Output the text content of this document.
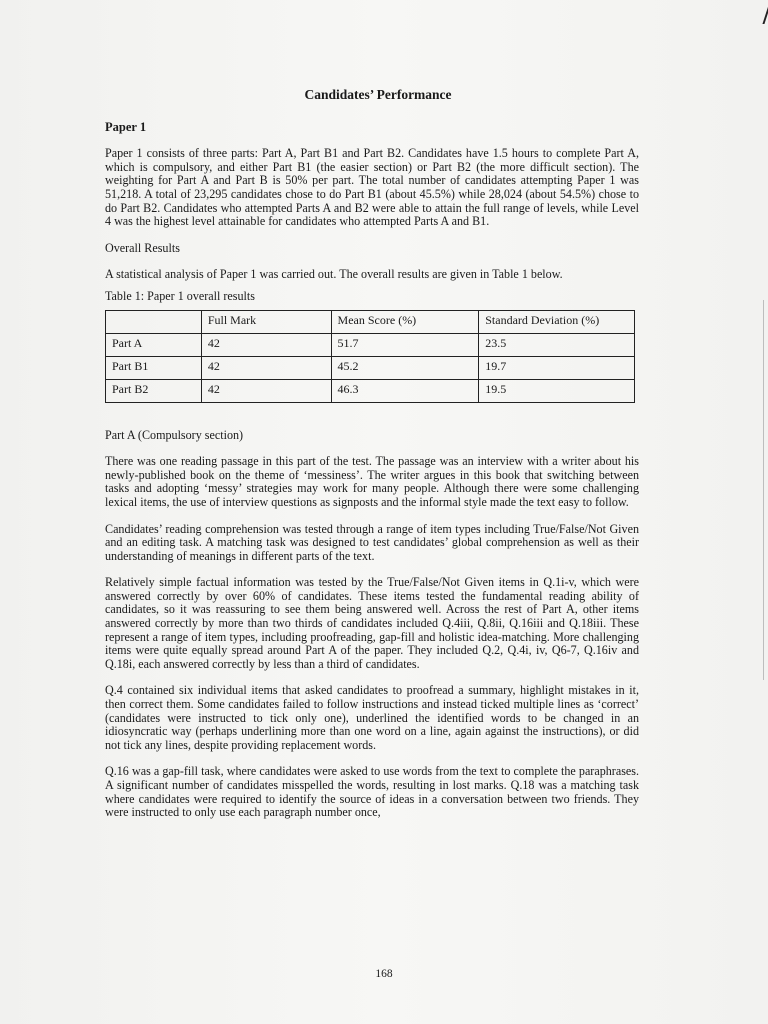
Candidates’ Performance
Paper 1

Paper 1 consists of three parts: Part A, Part B1 and Part B2. Candidates have 1.5 hours to complete Part A, which is compulsory, and either Part B1 (the easier section) or Part B2 (the more difficult section). The weighting for Part A and Part B is 50% per part. The total number of candidates attempting Paper 1 was 51,218. A total of 23,295 candidates chose to do Part B1 (about 45.5%) while 28,024 (about 54.5%) chose to do Part B2. Candidates who attempted Parts A and B2 were able to attain the full range of levels, while Level 4 was the highest level attainable for candidates who attempted Parts A and B1.

Overall Results

A statistical analysis of Paper 1 was carried out. The overall results are given in Table 1 below.

Table 1: Paper 1 overall results
	Full Mark	Mean Score (%)	Standard Deviation (%)
Part A	42	51.7	23.5
Part B1	42	45.2	19.7
Part B2	42	46.3	19.5
Part A (Compulsory section)

There was one reading passage in this part of the test. The passage was an interview with a writer about his newly-published book on the theme of ‘messiness’. The writer argues in this book that switching between tasks and adopting ‘messy’ strategies may work for many people. Although there were some challenging lexical items, the use of interview questions as signposts and the informal style made the text easy to follow.

Candidates’ reading comprehension was tested through a range of item types including True/False/Not Given and an editing task. A matching task was designed to test candidates’ global comprehension as well as their understanding of meanings in different parts of the text.

Relatively simple factual information was tested by the True/False/Not Given items in Q.1i-v, which were answered correctly by over 60% of candidates. These items tested the fundamental reading ability of candidates, so it was reassuring to see them being answered well. Across the rest of Part A, other items answered correctly by more than two thirds of candidates included Q.4iii, Q.8ii, Q.16iii and Q.18iii. These represent a range of item types, including proofreading, gap-fill and holistic idea-matching. More challenging items were quite equally spread around Part A of the paper. They included Q.2, Q.4i, iv, Q6-7, Q.16iv and Q.18i, each answered correctly by less than a third of candidates.

Q.4 contained six individual items that asked candidates to proofread a summary, highlight mistakes in it, then correct them. Some candidates failed to follow instructions and instead ticked multiple lines as ‘correct’ (candidates were instructed to tick only one), underlined the identified words to be changed in an idiosyncratic way (perhaps underlining more than one word on a line, again against the instructions), or did not tick any lines, despite providing replacement words.

Q.16 was a gap-fill task, where candidates were asked to use words from the text to complete the paraphrases. A significant number of candidates misspelled the words, resulting in lost marks. Q.18 was a matching task where candidates were required to identify the source of ideas in a conversation between two friends. They were instructed to only use each paragraph number once,

168
